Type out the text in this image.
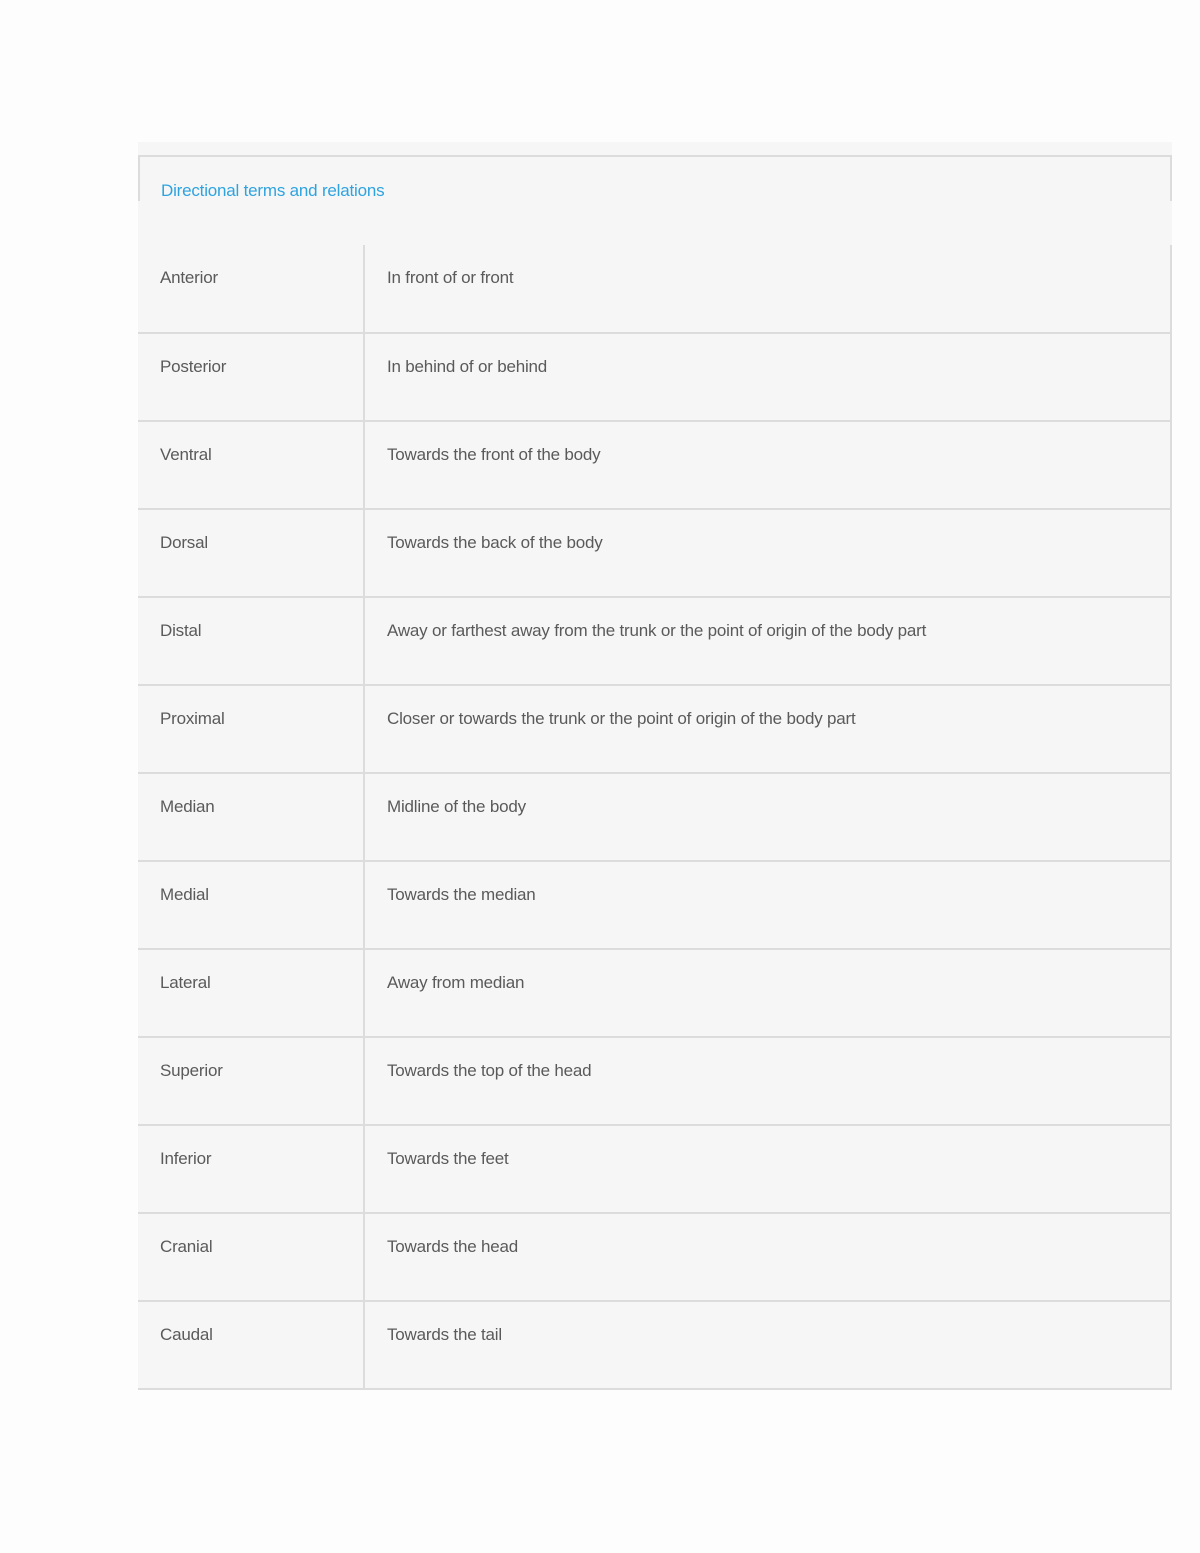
Directional terms and relations
Anterior	In front of or front

Posterior	In behind of or behind

Ventral	Towards the front of the body

Dorsal	Towards the back of the body

Distal	Away or farthest away from the trunk or the point of origin of the body part

Proximal	Closer or towards the trunk or the point of origin of the body part

Median	Midline of the body

Medial	Towards the median

Lateral	Away from median

Superior	Towards the top of the head

Inferior	Towards the feet

Cranial	Towards the head

Caudal	Towards the tail
